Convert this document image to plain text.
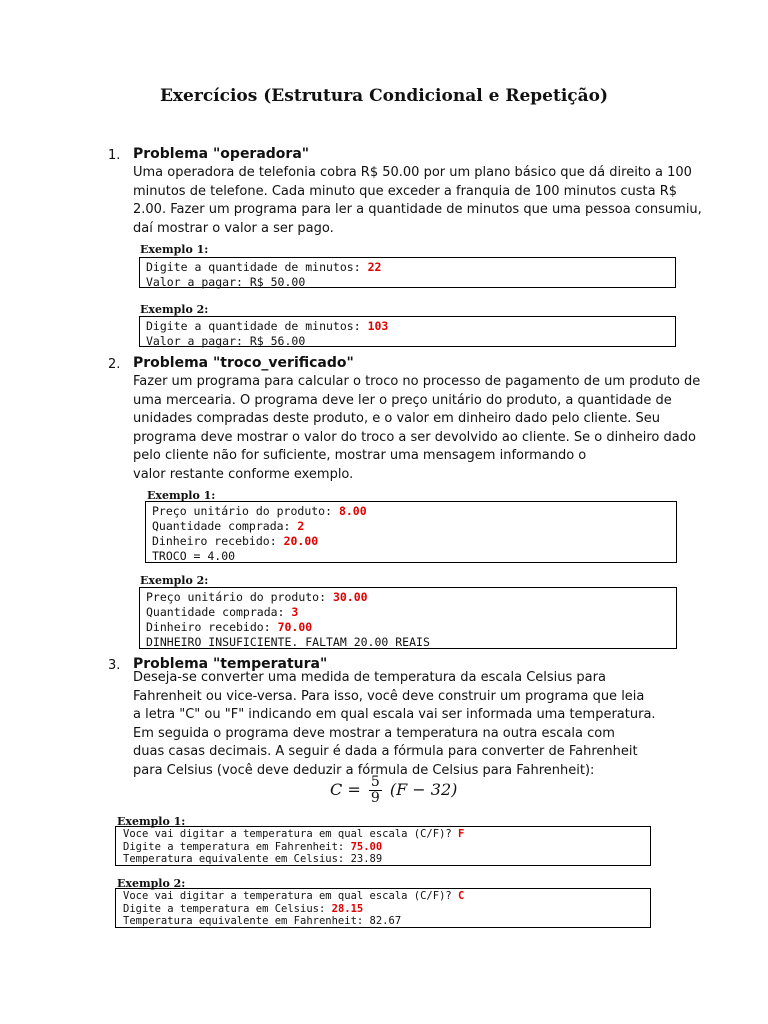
Exercícios (Estrutura Condicional e Repetição)
1. Problema "operadora"
Uma operadora de telefonia cobra R$ 50.00 por um plano básico que dá direito a 100
minutos de telefone. Cada minuto que exceder a franquia de 100 minutos custa R$
2.00. Fazer um programa para ler a quantidade de minutos que uma pessoa consumiu,
daí mostrar o valor a ser pago.
Exemplo 1:
Digite a quantidade de minutos: 22
Valor a pagar: R$ 50.00
Exemplo 2:
Digite a quantidade de minutos: 103
Valor a pagar: R$ 56.00
2. Problema "troco_verificado"
Fazer um programa para calcular o troco no processo de pagamento de um produto de
uma mercearia. O programa deve ler o preço unitário do produto, a quantidade de
unidades compradas deste produto, e o valor em dinheiro dado pelo cliente. Seu
programa deve mostrar o valor do troco a ser devolvido ao cliente. Se o dinheiro dado
pelo cliente não for suficiente, mostrar uma mensagem informando o
valor restante conforme exemplo.
Exemplo 1:
Preço unitário do produto: 8.00
Quantidade comprada: 2
Dinheiro recebido: 20.00
TROCO = 4.00
Exemplo 2:
Preço unitário do produto: 30.00
Quantidade comprada: 3
Dinheiro recebido: 70.00
DINHEIRO INSUFICIENTE. FALTAM 20.00 REAIS
3. Problema "temperatura"
Deseja-se converter uma medida de temperatura da escala Celsius para
Fahrenheit ou vice-versa. Para isso, você deve construir um programa que leia
a letra "C" ou "F" indicando em qual escala vai ser informada uma temperatura.
Em seguida o programa deve mostrar a temperatura na outra escala com
duas casas decimais. A seguir é dada a fórmula para converter de Fahrenheit
para Celsius (você deve deduzir a fórmula de Celsius para Fahrenheit):
$C = \frac{5}{9} (F - 32)$
Exemplo 1:
Voce vai digitar a temperatura em qual escala (C/F)? F
Digite a temperatura em Fahrenheit: 75.00
Temperatura equivalente em Celsius: 23.89
Exemplo 2:
Voce vai digitar a temperatura em qual escala (C/F)? C
Digite a temperatura em Celsius: 28.15
Temperatura equivalente em Fahrenheit: 82.67
